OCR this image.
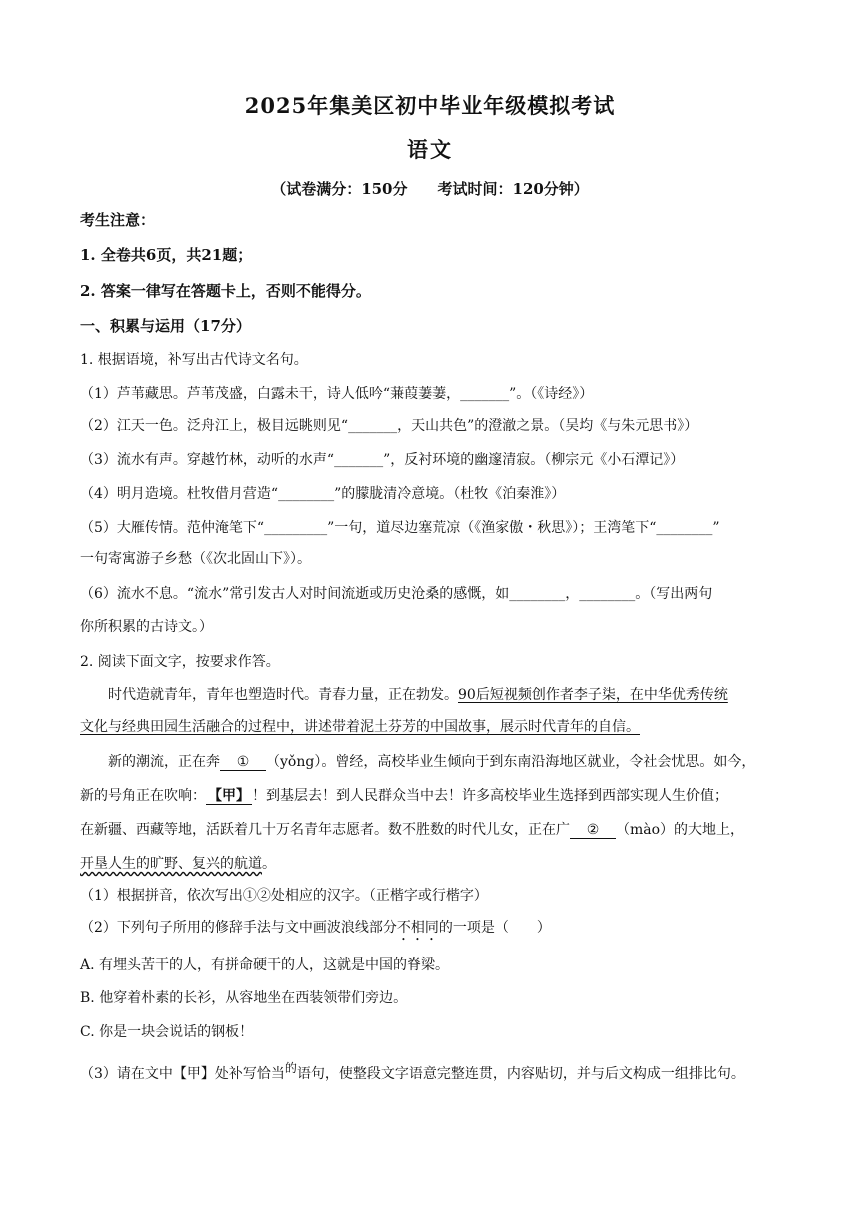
2025年集美区初中毕业年级模拟考试
语文
（试卷满分：150分 考试时间：120分钟）
考生注意：
1. 全卷共6页，共21题；
2. 答案一律写在答题卡上，否则不能得分。
一、积累与运用（17分）
1. 根据语境，补写出古代诗文名句。
（1）芦苇藏思。芦苇茂盛，白露未干，诗人低吟“蒹葭萋萋，_______”。（《诗经》）
（2）江天一色。泛舟江上，极目远眺则见“_______，天山共色”的澄澈之景。（吴均《与朱元思书》）
（3）流水有声。穿越竹林，动听的水声“_______”，反衬环境的幽邃清寂。（柳宗元《小石潭记》）
（4）明月造境。杜牧借月营造“________”的朦胧清冷意境。（杜牧《泊秦淮》）
（5）大雁传情。范仲淹笔下“_________”一句，道尽边塞荒凉（《渔家傲・秋思》）；王湾笔下“________”
一句寄寓游子乡愁（《次北固山下》）。
（6）流水不息。“流水”常引发古人对时间流逝或历史沧桑的感慨，如________，________。（写出两句
你所积累的古诗文。）
2. 阅读下面文字，按要求作答。
时代造就青年，青年也塑造时代。青春力量，正在勃发。90后短视频创作者李子柒，在中华优秀传统
文化与经典田园生活融合的过程中，讲述带着泥土芬芳的中国故事，展示时代青年的自信。
新的潮流，正在奔 ① （yǒng）。曾经，高校毕业生倾向于到东南沿海地区就业，令社会忧思。如今，
新的号角正在吹响： 【甲】 ！到基层去！到人民群众当中去！许多高校毕业生选择到西部实现人生价值；
在新疆、西藏等地，活跃着几十万名青年志愿者。数不胜数的时代儿女，正在广 ② （mào）的大地上，
开垦人生的旷野、复兴的航道。
（1）根据拼音，依次写出①②处相应的汉字。（正楷字或行楷字）
（2）下列句子所用的修辞手法与文中画波浪线部分不相同的一项是（　　）
A. 有埋头苦干的人，有拼命硬干的人，这就是中国的脊梁。
B. 他穿着朴素的长衫，从容地坐在西装领带们旁边。
C. 你是一块会说话的钢板！
（3）请在文中【甲】处补写恰当的语句，使整段文字语意完整连贯，内容贴切，并与后文构成一组排比句。
